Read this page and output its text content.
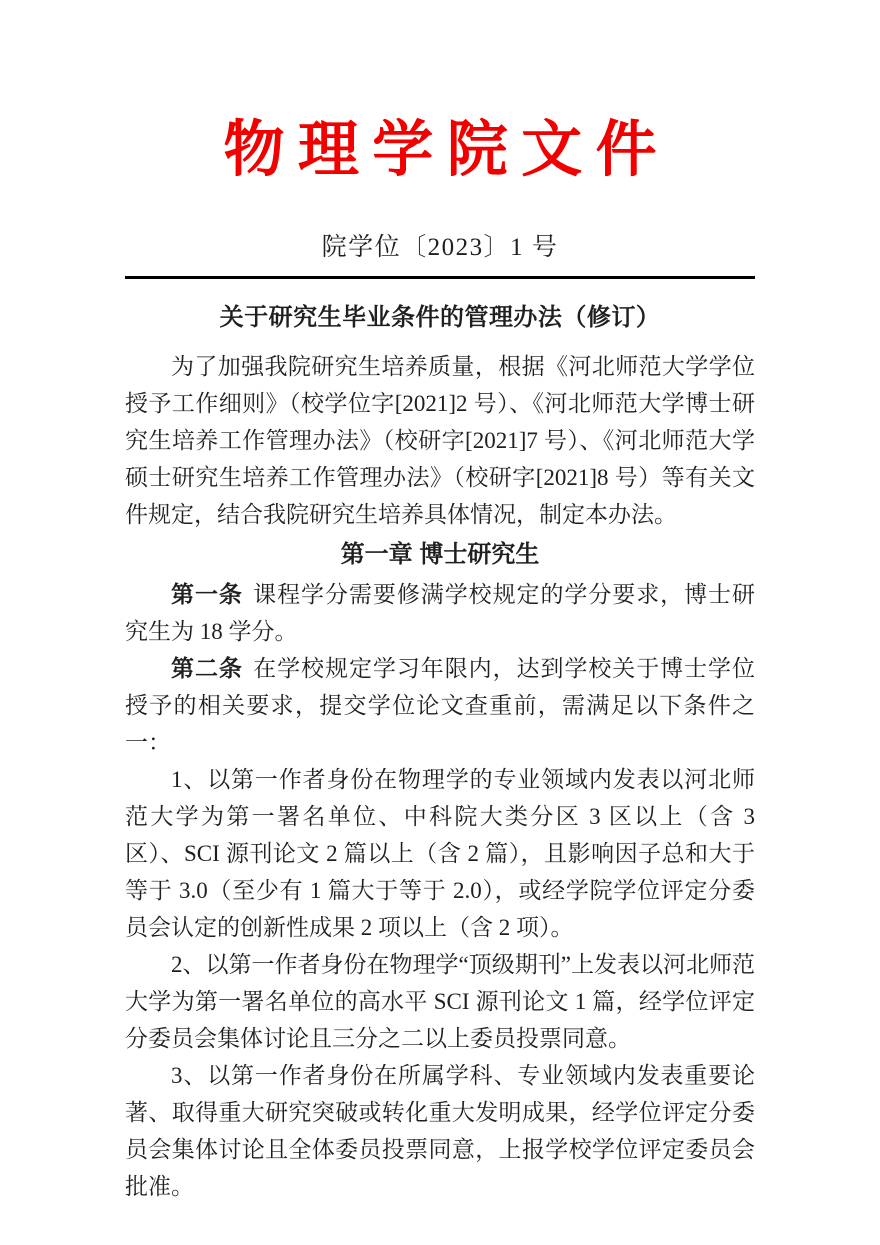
物理学院文件
院学位〔2023〕1 号
关于研究生毕业条件的管理办法（修订）

为了加强我院研究生培养质量，根据《河北师范大学学位授予工作细则》（校学位字[2021]2 号）、《河北师范大学博士研究生培养工作管理办法》（校研字[2021]7 号）、《河北师范大学硕士研究生培养工作管理办法》（校研字[2021]8 号）等有关文件规定，结合我院研究生培养具体情况，制定本办法。

第一章 博士研究生

第一条 课程学分需要修满学校规定的学分要求，博士研究生为 18 学分。

第二条 在学校规定学习年限内，达到学校关于博士学位授予的相关要求，提交学位论文查重前，需满足以下条件之一：

1、以第一作者身份在物理学的专业领域内发表以河北师范大学为第一署名单位、中科院大类分区 3 区以上（含 3 区）、SCI 源刊论文 2 篇以上（含 2 篇），且影响因子总和大于等于 3.0（至少有 1 篇大于等于 2.0），或经学院学位评定分委员会认定的创新性成果 2 项以上（含 2 项）。

2、以第一作者身份在物理学“顶级期刊”上发表以河北师范大学为第一署名单位的高水平 SCI 源刊论文 1 篇，经学位评定分委员会集体讨论且三分之二以上委员投票同意。

3、以第一作者身份在所属学科、专业领域内发表重要论著、取得重大研究突破或转化重大发明成果，经学位评定分委员会集体讨论且全体委员投票同意，上报学校学位评定委员会批准。
